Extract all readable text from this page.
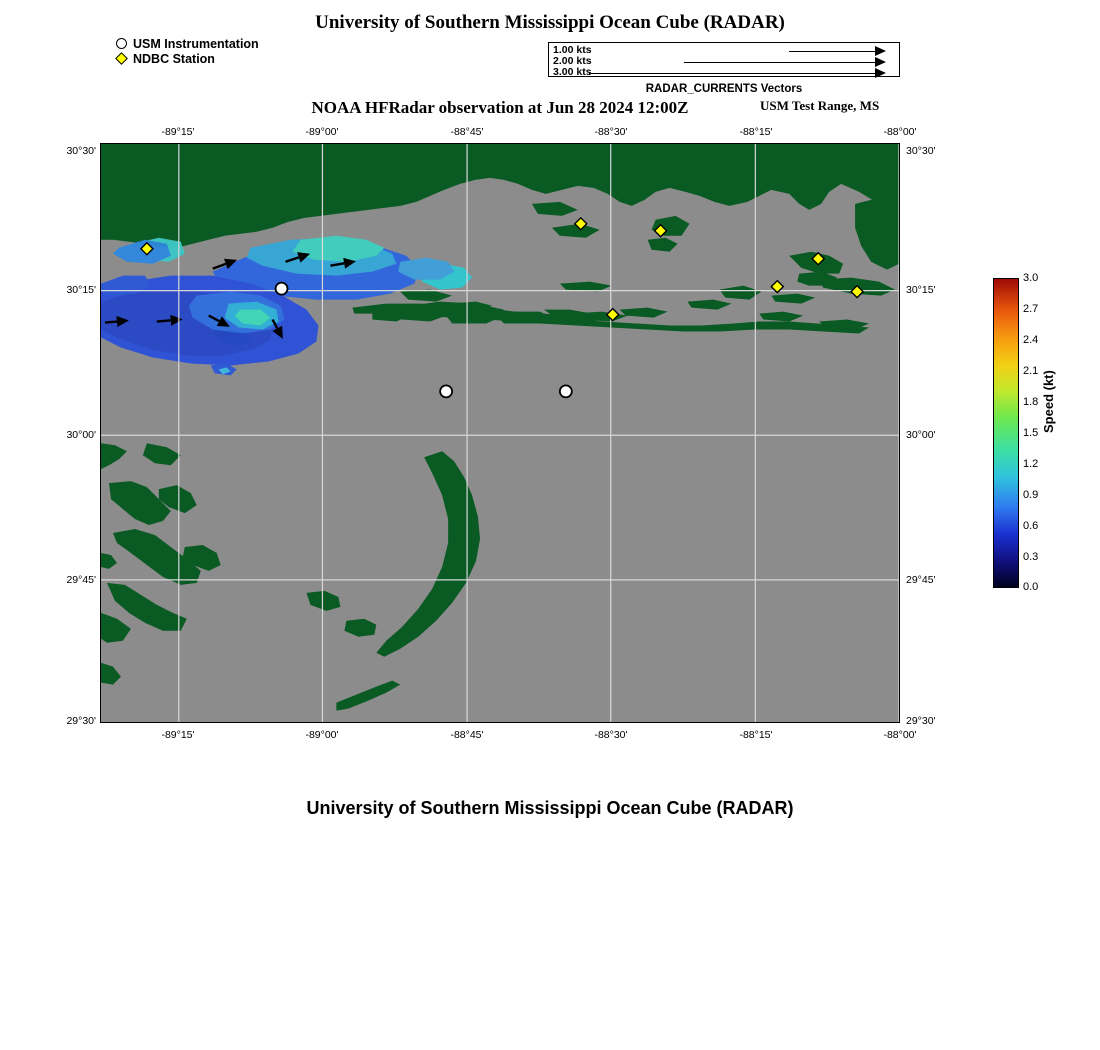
University of Southern Mississippi Ocean Cube (RADAR)
USM Instrumentation
NDBC Station
1.00 kts
2.00 kts
3.00 kts
RADAR_CURRENTS Vectors
NOAA HFRadar observation at Jun 28 2024 12:00Z	USM Test Range, MS
-89°15'	-89°00'	-88°45'	-88°30'	-88°15'	-88°00'
-89°15'	-89°00'	-88°45'	-88°30'	-88°15'	-88°00'
30°30'
30°15'
30°00'
29°45'
29°30'
30°30'
30°15'
30°00'
29°45'
29°30'
3.0
2.7
2.4
2.1
1.8
1.5
1.2
0.9
0.6
0.3
0.0
Speed (kt)
University of Southern Mississippi Ocean Cube (RADAR)
